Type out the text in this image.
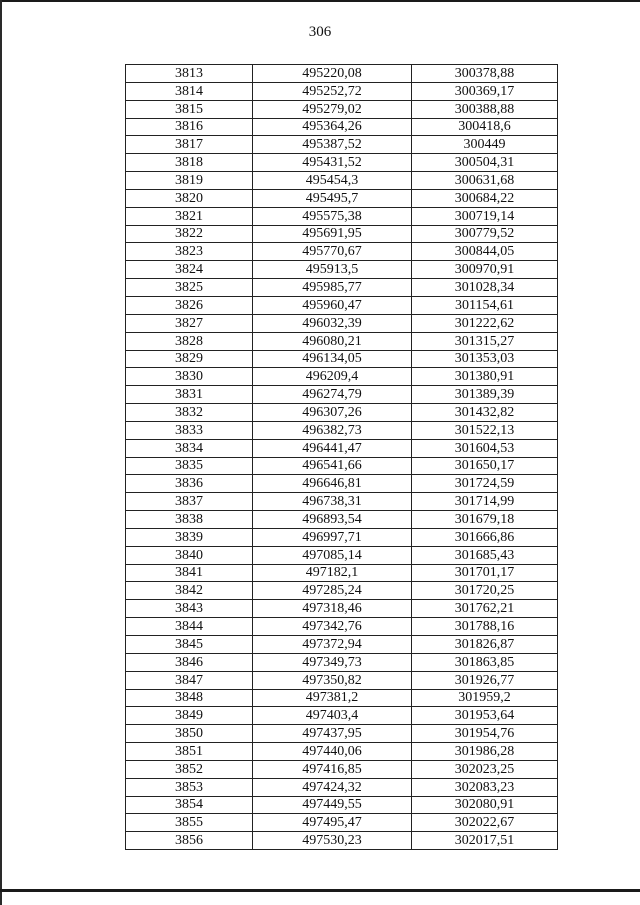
306
3813	495220,08	300378,88
3814	495252,72	300369,17
3815	495279,02	300388,88
3816	495364,26	300418,6
3817	495387,52	300449
3818	495431,52	300504,31
3819	495454,3	300631,68
3820	495495,7	300684,22
3821	495575,38	300719,14
3822	495691,95	300779,52
3823	495770,67	300844,05
3824	495913,5	300970,91
3825	495985,77	301028,34
3826	495960,47	301154,61
3827	496032,39	301222,62
3828	496080,21	301315,27
3829	496134,05	301353,03
3830	496209,4	301380,91
3831	496274,79	301389,39
3832	496307,26	301432,82
3833	496382,73	301522,13
3834	496441,47	301604,53
3835	496541,66	301650,17
3836	496646,81	301724,59
3837	496738,31	301714,99
3838	496893,54	301679,18
3839	496997,71	301666,86
3840	497085,14	301685,43
3841	497182,1	301701,17
3842	497285,24	301720,25
3843	497318,46	301762,21
3844	497342,76	301788,16
3845	497372,94	301826,87
3846	497349,73	301863,85
3847	497350,82	301926,77
3848	497381,2	301959,2
3849	497403,4	301953,64
3850	497437,95	301954,76
3851	497440,06	301986,28
3852	497416,85	302023,25
3853	497424,32	302083,23
3854	497449,55	302080,91
3855	497495,47	302022,67
3856	497530,23	302017,51
